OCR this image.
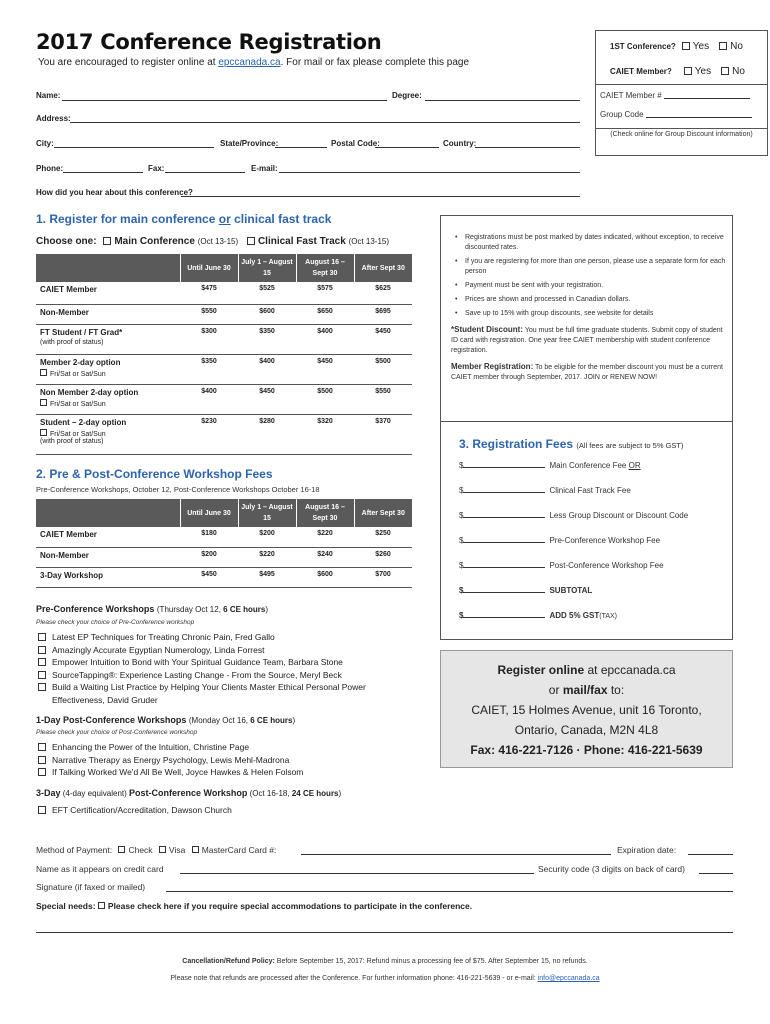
2017 Conference Registration
You are encouraged to register online at epccanada.ca. For mail or fax please complete this page
1ST Conference?	Yes	No
CAIET Member?	Yes	No
CAIET Member #
Group Code
(Check online for Group Discount information)
Name:	Degree:
Address:
City:	State/Province:	Postal Code:	Country:
Phone:	Fax:	E-mail:
How did you hear about this conference?
1. Register for main conference or clinical fast track
Choose one: Main Conference (Oct 13-15) Clinical Fast Track (Oct 13-15)
	Until June 30	July 1 – August 15	August 16 – Sept 30	After Sept 30
CAIET Member	$475	$525	$575	$625
Non-Member	$550	$600	$650	$695
FT Student / FT Grad*
(with proof of status)	$300	$350	$400	$450
Member 2-day option
Fri/Sat or Sat/Sun	$350	$400	$450	$500
Non Member 2-day option
Fri/Sat or Sat/Sun	$400	$450	$500	$550
Student – 2-day option
Fri/Sat or Sat/Sun
(with proof of status)	$230	$280	$320	$370
2. Pre & Post-Conference Workshop Fees
Pre-Conference Workshops, October 12, Post-Conference Workshops October 16-18
	Until June 30	July 1 – August 15	August 16 – Sept 30	After Sept 30
CAIET Member	$180	$200	$220	$250
Non-Member	$200	$220	$240	$260
3-Day Workshop	$450	$495	$600	$700
•	Registrations must be post marked by dates indicated, without exception, to receive discounted rates.
•	If you are registering for more than one person, please use a separate form for each person
•	Payment must be sent with your registration.
•	Prices are shown and processed in Canadian dollars.
•	Save up to 15% with group discounts, see website for details
*Student Discount: You must be full time graduate students. Submit copy of student ID card with registration. One year free CAIET membership with student conference registration.
Member Registration: To be eligible for the member discount you must be a current CAIET member through September, 2017. JOIN or RENEW NOW!
3. Registration Fees (All fees are subject to 5% GST)
$	Main Conference Fee OR
$	Clinical Fast Track Fee
$	Less Group Discount or Discount Code
$	Pre-Conference Workshop Fee
$	Post-Conference Workshop Fee
$	SUBTOTAL
$	ADD 5% GST (TAX)
Register online at epccanada.ca
or mail/fax to:
CAIET, 15 Holmes Avenue, unit 16 Toronto,
Ontario, Canada, M2N 4L8
Fax: 416-221-7126 · Phone: 416-221-5639
Pre-Conference Workshops (Thursday Oct 12, 6 CE hours)
Please check your choice of Pre-Conference workshop
Latest EP Techniques for Treating Chronic Pain, Fred Gallo
Amazingly Accurate Egyptian Numerology, Linda Forrest
Empower Intuition to Bond with Your Spiritual Guidance Team, Barbara Stone
SourceTapping®: Experience Lasting Change - From the Source, Meryl Beck
Build a Waiting List Practice by Helping Your Clients Master Ethical Personal Power Effectiveness, David Gruder
1-Day Post-Conference Workshops (Monday Oct 16, 6 CE hours)
Please check your choice of Post-Conference workshop
Enhancing the Power of the Intuition, Christine Page
Narrative Therapy as Energy Psychology, Lewis Mehl-Madrona
If Talking Worked We'd All Be Well, Joyce Hawkes & Helen Folsom
3-Day (4-day equivalent) Post-Conference Workshop (Oct 16-18, 24 CE hours)
EFT Certification/Accreditation, Dawson Church
Method of Payment: Check Visa MasterCard Card #:	Expiration date:
Name as it appears on credit card	Security code (3 digits on back of card)
Signature (if faxed or mailed)
Special needs: Please check here if you require special accommodations to participate in the conference.
Cancellation/Refund Policy: Before September 15, 2017: Refund minus a processing fee of $75. After September 15, no refunds.
Please note that refunds are processed after the Conference. For further information phone: 416-221-5639 - or e-mail: info@epccanada.ca
